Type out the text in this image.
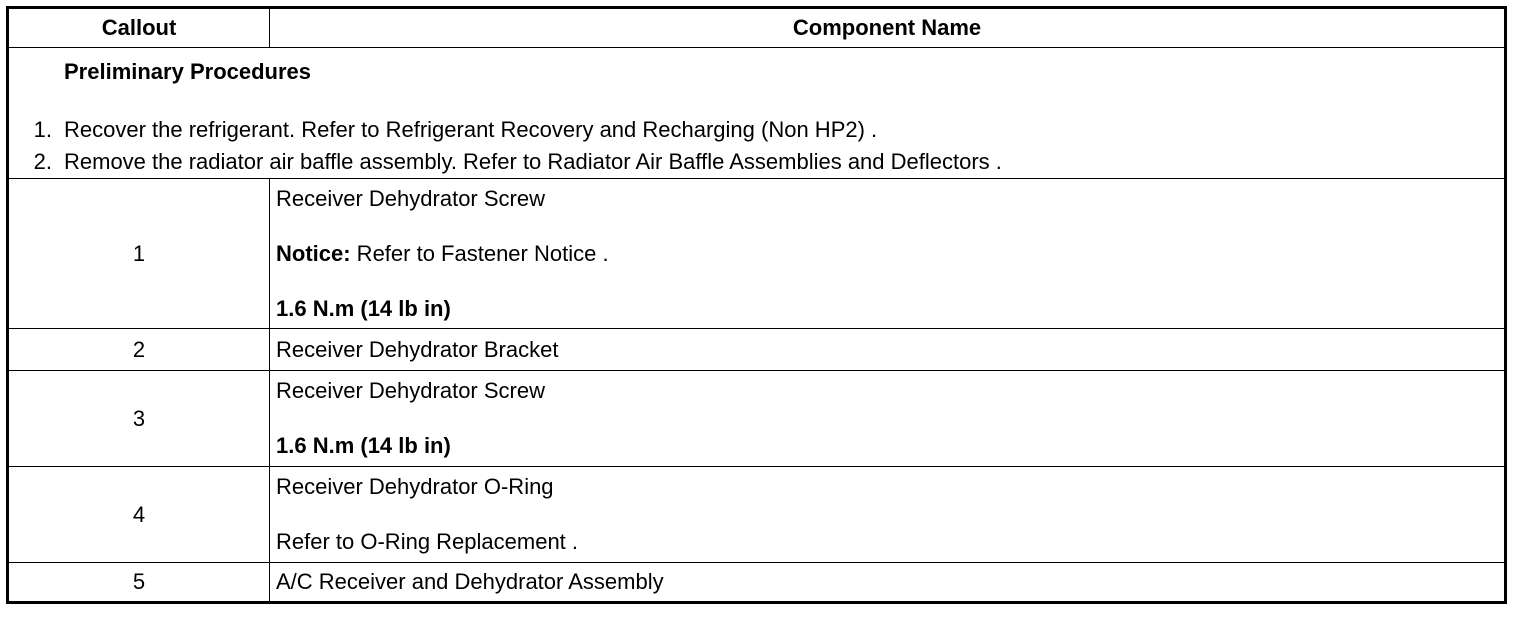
Callout	Component Name

Preliminary Procedures
1. Recover the refrigerant. Refer to Refrigerant Recovery and Recharging (Non HP2) .
2. Remove the radiator air baffle assembly. Refer to Radiator Air Baffle Assemblies and Deflectors .	

1	Receiver Dehydrator Screw
Notice: Refer to Fastener Notice .
1.6 N.m (14 lb in)

2	Receiver Dehydrator Bracket

3	Receiver Dehydrator Screw
1.6 N.m (14 lb in)

4	Receiver Dehydrator O-Ring
Refer to O-Ring Replacement .

5	A/C Receiver and Dehydrator Assembly
